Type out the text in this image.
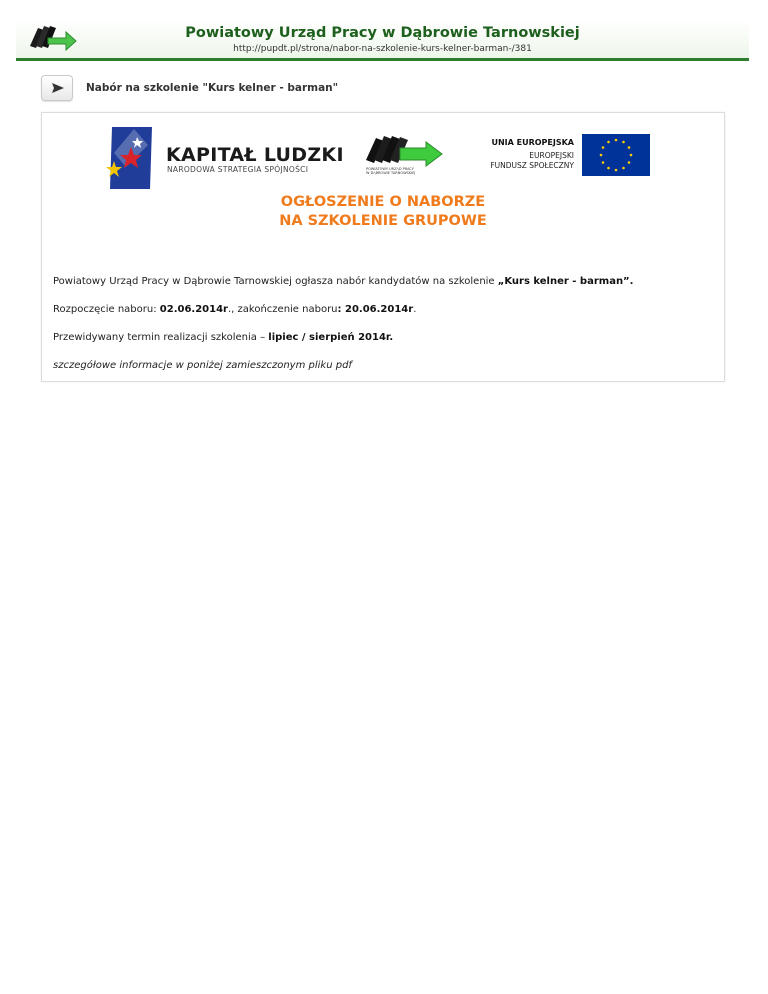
Powiatowy Urząd Pracy w Dąbrowie Tarnowskiej
http://pupdt.pl/strona/nabor-na-szkolenie-kurs-kelner-barman-/381
Nabór na szkolenie "Kurs kelner - barman"
KAPITAŁ LUDZKI
NARODOWA STRATEGIA SPÓJNOŚCI	POWIATOWY URZĄD PRACY
W DĄBROWIE TARNOWSKIEJ
UNIA EUROPEJSKA
EUROPEJSKI
FUNDUSZ SPOŁECZNY
OGŁOSZENIE O NABORZE
NA SZKOLENIE GRUPOWE
Powiatowy Urząd Pracy w Dąbrowie Tarnowskiej ogłasza nabór kandydatów na szkolenie „Kurs kelner - barman”.
Rozpoczęcie naboru: 02.06.2014r., zakończenie naboru: 20.06.2014r.
Przewidywany termin realizacji szkolenia – lipiec / sierpień 2014r.
szczegółowe informacje w poniżej zamieszczonym pliku pdf
